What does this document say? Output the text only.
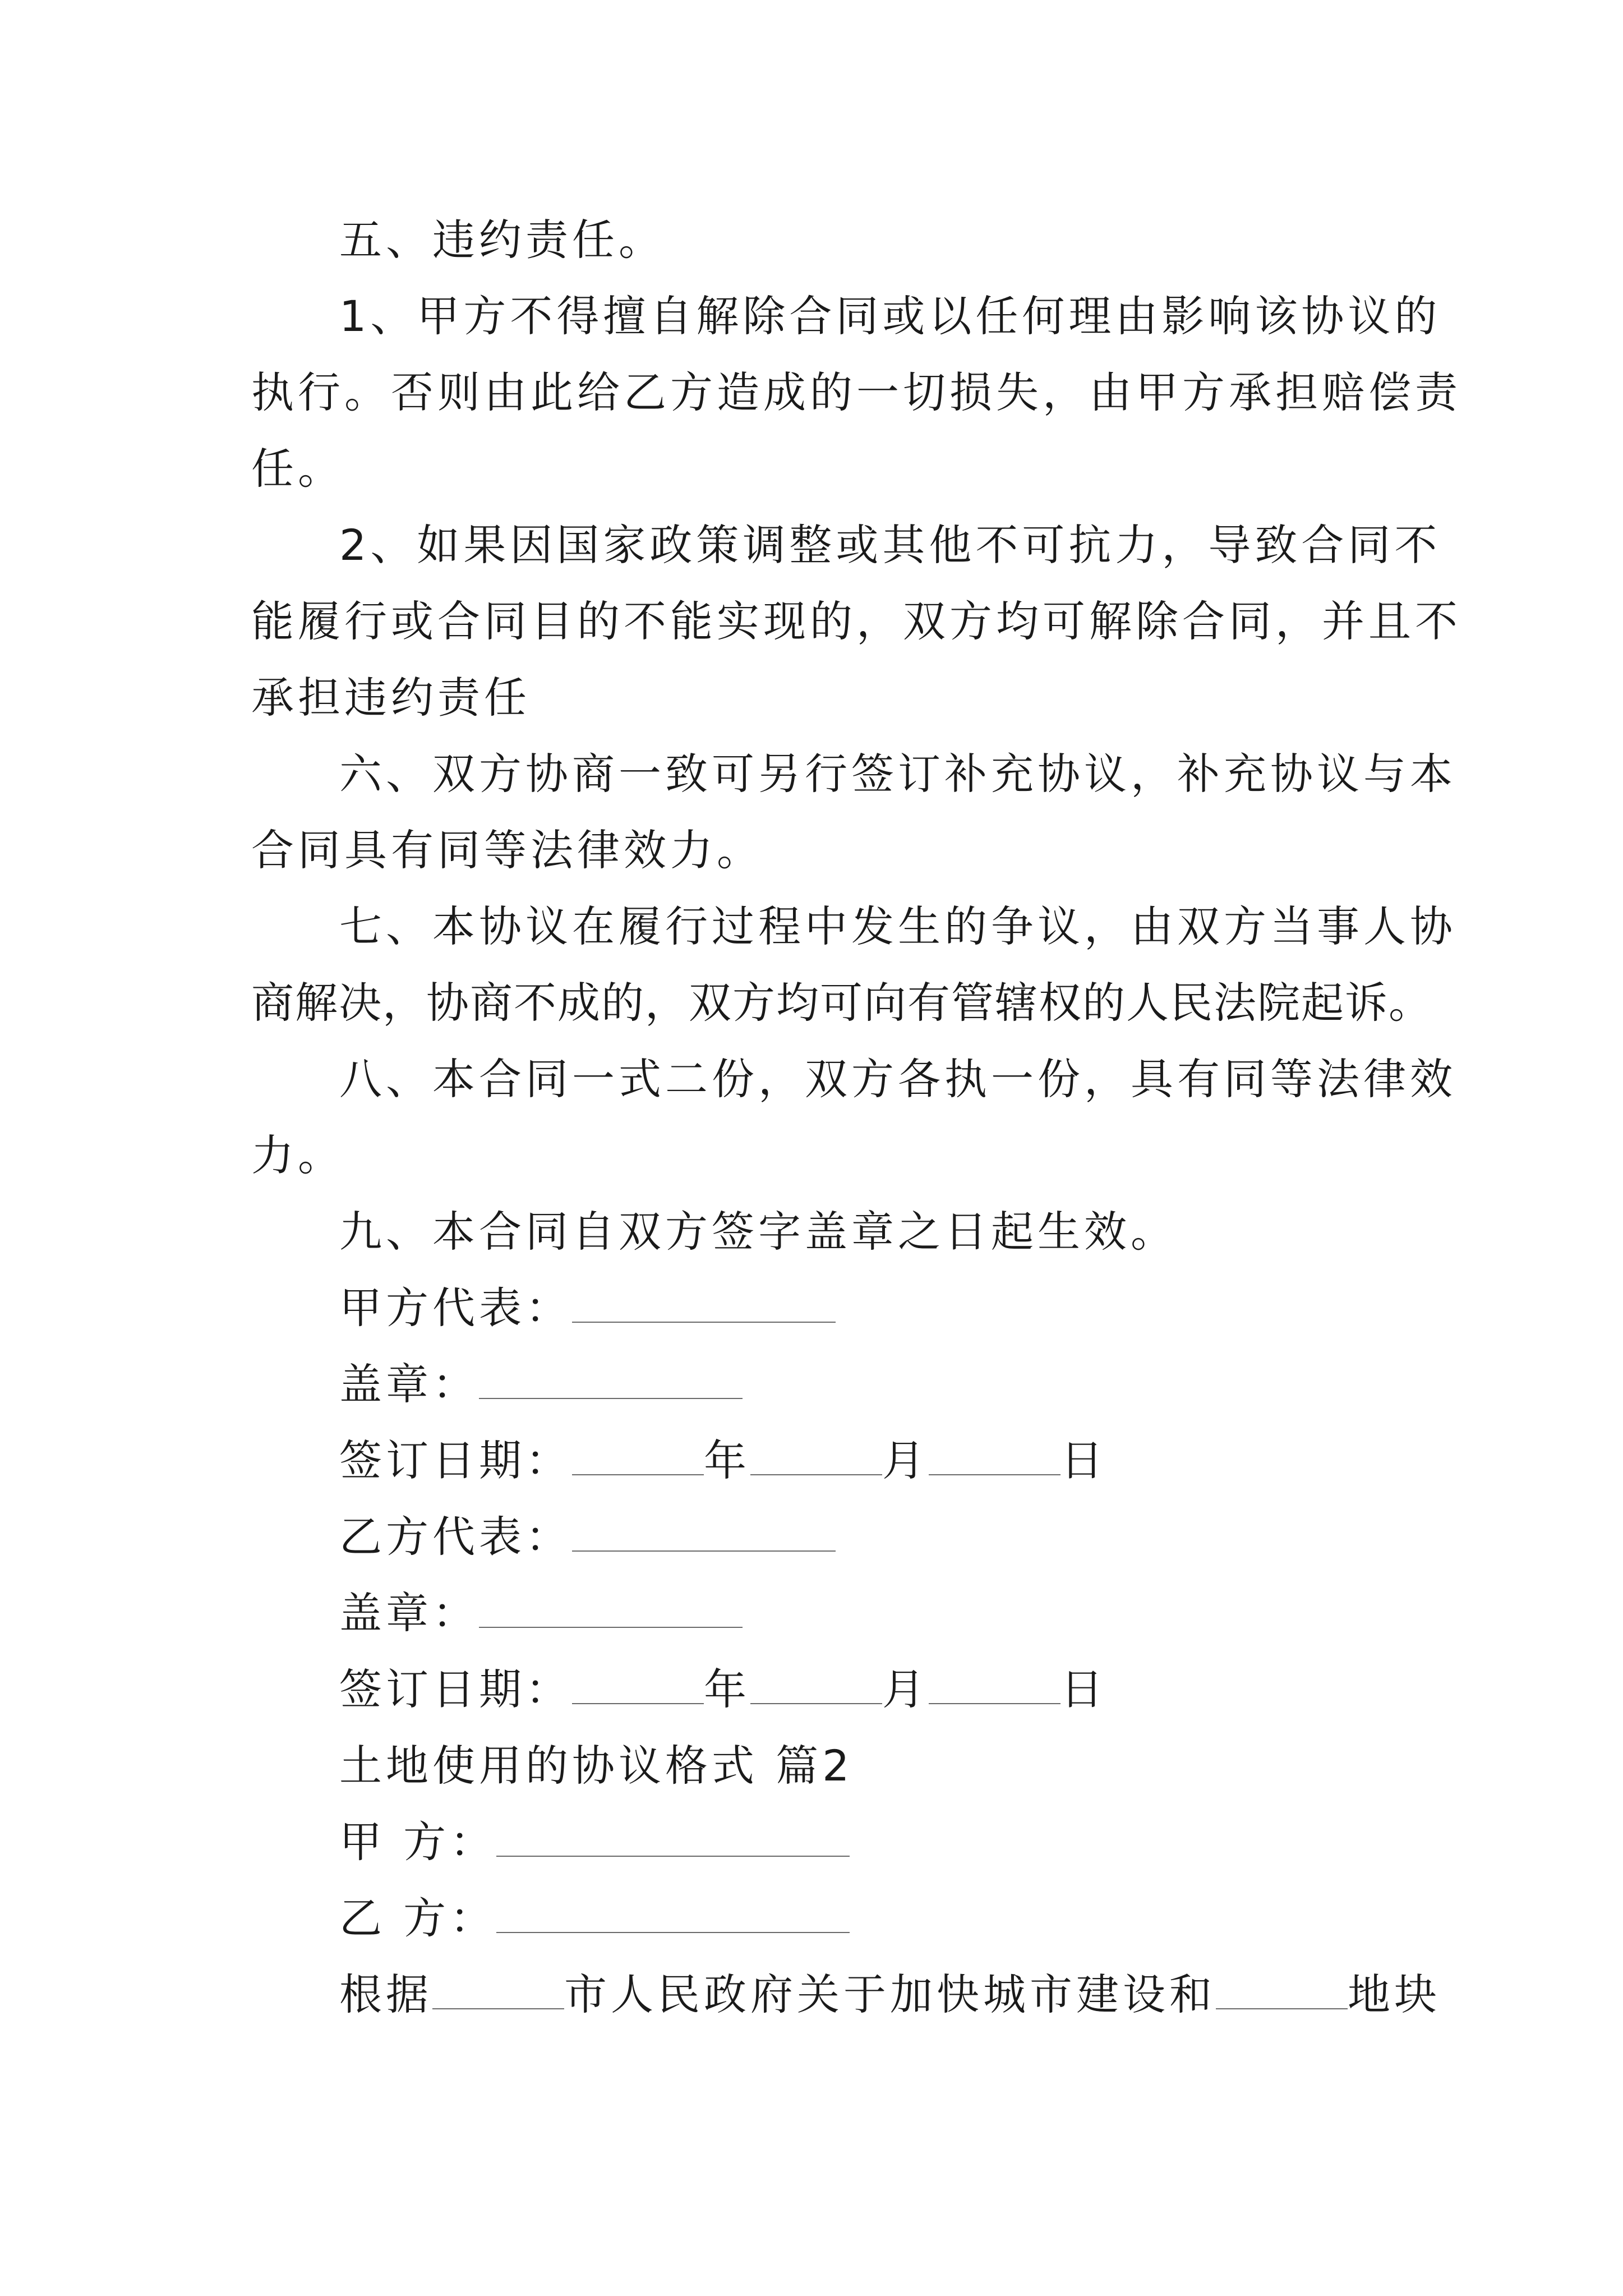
五、违约责任。

1、甲方不得擅自解除合同或以任何理由影响该协议的

执行。否则由此给乙方造成的一切损失，由甲方承担赔偿责

任。

2、如果因国家政策调整或其他不可抗力，导致合同不

能履行或合同目的不能实现的，双方均可解除合同，并且不

承担违约责任

六、双方协商一致可另行签订补充协议，补充协议与本

合同具有同等法律效力。

七、本协议在履行过程中发生的争议，由双方当事人协

商解决，协商不成的，双方均可向有管辖权的人民法院起诉。

八、本合同一式二份，双方各执一份，具有同等法律效

力。

九、本合同自双方签字盖章之日起生效。

甲方代表：
盖章：
签订日期：	年	月	日
乙方代表：
盖章：
签订日期：	年	月	日

土地使用的协议格式 篇2

甲 方：
乙 方：
根据	市人民政府关于加快城市建设和	地块
